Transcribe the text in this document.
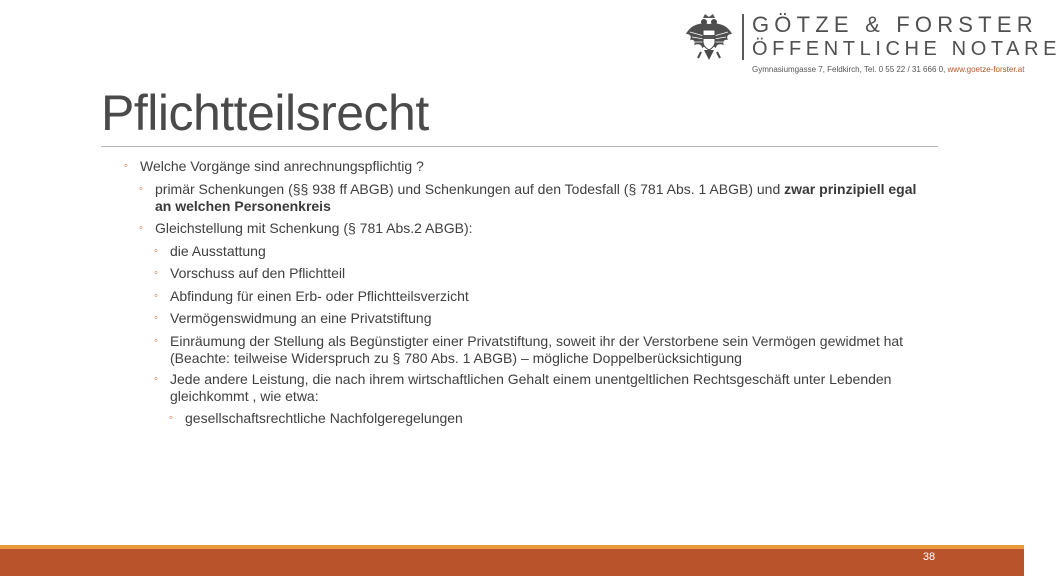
GÖTZE & FORSTER
ÖFFENTLICHE NOTARE
Gymnasiumgasse 7, Feldkirch, Tel. 0 55 22 / 31 666 0, www.goetze-forster.at
Pflichtteilsrecht
◦ Welche Vorgänge sind anrechnungspflichtig ?
◦ primär Schenkungen (§§ 938 ff ABGB) und Schenkungen auf den Todesfall (§ 781 Abs. 1 ABGB) und zwar prinzipiell egal an welchen Personenkreis
◦ Gleichstellung mit Schenkung (§ 781 Abs.2 ABGB):
◦ die Ausstattung
◦ Vorschuss auf den Pflichtteil
◦ Abfindung für einen Erb- oder Pflichtteilsverzicht
◦ Vermögenswidmung an eine Privatstiftung
◦ Einräumung der Stellung als Begünstigter einer Privatstiftung, soweit ihr der Verstorbene sein Vermögen gewidmet hat (Beachte: teilweise Widerspruch zu § 780 Abs. 1 ABGB) – mögliche Doppelberücksichtigung
◦ Jede andere Leistung, die nach ihrem wirtschaftlichen Gehalt einem unentgeltlichen Rechtsgeschäft unter Lebenden gleichkommt , wie etwa:
◦ gesellschaftsrechtliche Nachfolgeregelungen
38
